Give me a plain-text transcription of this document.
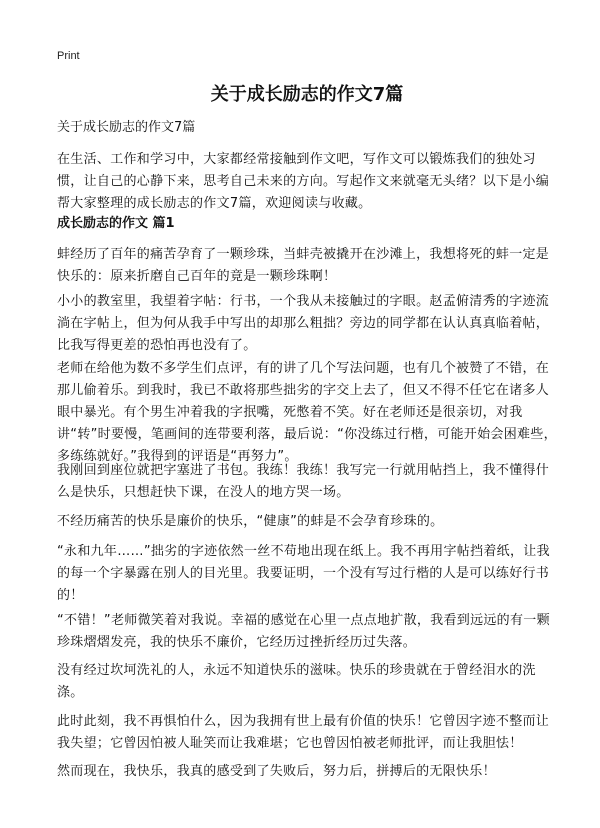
Print
关于成长励志的作文7篇
关于成长励志的作文7篇

在生活、工作和学习中，大家都经常接触到作文吧，写作文可以锻炼我们的独处习惯，让自己的心静下来，思考自己未来的方向。写起作文来就毫无头绪？以下是小编帮大家整理的成长励志的作文7篇，欢迎阅读与收藏。

成长励志的作文 篇1

蚌经历了百年的痛苦孕育了一颗珍珠，当蚌壳被撬开在沙滩上，我想将死的蚌一定是快乐的：原来折磨自己百年的竟是一颗珍珠啊！

小小的教室里，我望着字帖：行书，一个我从未接触过的字眼。赵孟俯清秀的字迹流淌在字帖上，但为何从我手中写出的却那么粗拙？旁边的同学都在认认真真临着帖，比我写得更差的恐怕再也没有了。

老师在给他为数不多学生们点评，有的讲了几个写法问题，也有几个被赞了不错，在那儿偷着乐。到我时，我已不敢将那些拙劣的字交上去了，但又不得不任它在诸多人眼中暴光。有个男生冲着我的字抿嘴，死憋着不笑。好在老师还是很亲切，对我讲“转”时要慢，笔画间的连带要利落，最后说：“你没练过行楷，可能开始会困难些，多练练就好。”我得到的评语是“再努力”。

我刚回到座位就把字塞进了书包。我练！我练！我写完一行就用帖挡上，我不懂得什么是快乐，只想赶快下课，在没人的地方哭一场。

不经历痛苦的快乐是廉价的快乐，“健康”的蚌是不会孕育珍珠的。

“永和九年……”拙劣的字迹依然一丝不苟地出现在纸上。我不再用字帖挡着纸，让我的每一个字暴露在别人的目光里。我要证明，一个没有写过行楷的人是可以练好行书的！

“不错！”老师微笑着对我说。幸福的感觉在心里一点点地扩散，我看到远远的有一颗珍珠熠熠发亮，我的快乐不廉价，它经历过挫折经历过失落。

没有经过坎坷洗礼的人，永远不知道快乐的滋味。快乐的珍贵就在于曾经泪水的洗涤。

此时此刻，我不再惧怕什么，因为我拥有世上最有价值的快乐！它曾因字迹不整而让我失望；它曾因怕被人耻笑而让我难堪；它也曾因怕被老师批评，而让我胆怯！

然而现在，我快乐，我真的感受到了失败后，努力后，拼搏后的无限快乐！
